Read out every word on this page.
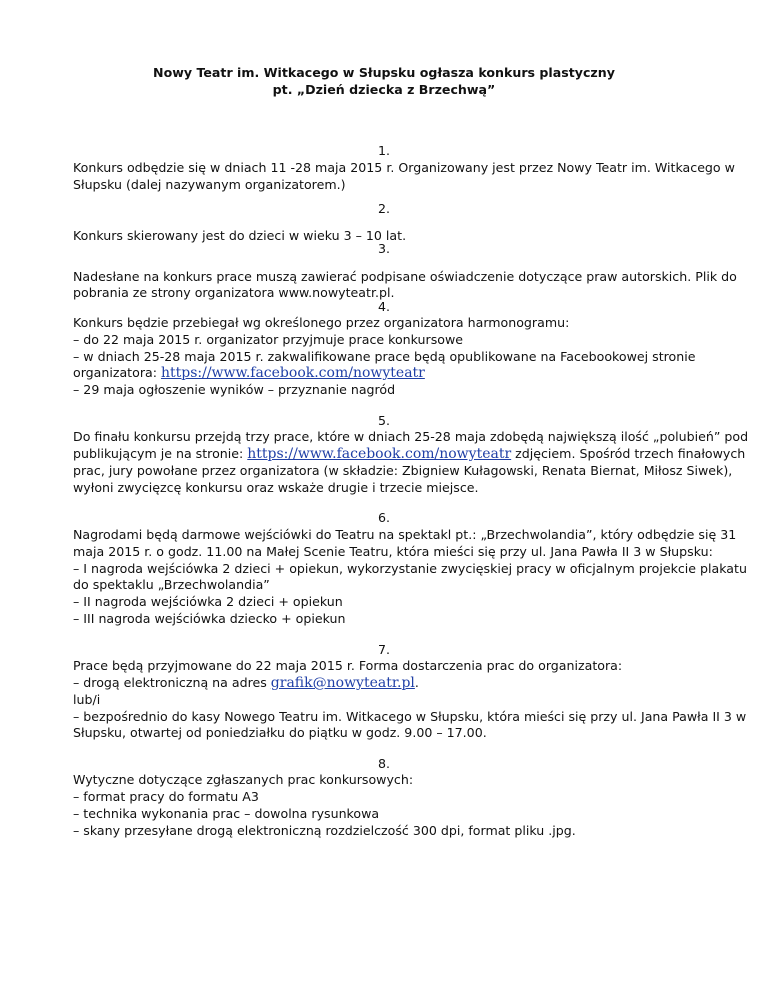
Nowy Teatr im. Witkacego w Słupsku ogłasza konkurs plastyczny
pt. „Dzień dziecka z Brzechwą”
1.
Konkurs odbędzie się w dniach 11 -28 maja 2015 r. Organizowany jest przez Nowy Teatr im. Witkacego w
Słupsku (dalej nazywanym organizatorem.)
2.
Konkurs skierowany jest do dzieci w wieku 3 – 10 lat.
3.
Nadesłane na konkurs prace muszą zawierać podpisane oświadczenie dotyczące praw autorskich. Plik do
pobrania ze strony organizatora www.nowyteatr.pl.
4.
Konkurs będzie przebiegał wg określonego przez organizatora harmonogramu:
– do 22 maja 2015 r. organizator przyjmuje prace konkursowe
– w dniach 25-28 maja 2015 r. zakwalifikowane prace będą opublikowane na Facebookowej stronie
organizatora: https://www.facebook.com/nowyteatr
– 29 maja ogłoszenie wyników – przyznanie nagród
5.
Do finału konkursu przejdą trzy prace, które w dniach 25-28 maja zdobędą największą ilość „polubień” pod
publikującym je na stronie: https://www.facebook.com/nowyteatr zdjęciem. Spośród trzech finałowych
prac, jury powołane przez organizatora (w składzie: Zbigniew Kułagowski, Renata Biernat, Miłosz Siwek),
wyłoni zwycięzcę konkursu oraz wskaże drugie i trzecie miejsce.
6.
Nagrodami będą darmowe wejściówki do Teatru na spektakl pt.: „Brzechwolandia”, który odbędzie się 31
maja 2015 r. o godz. 11.00 na Małej Scenie Teatru, która mieści się przy ul. Jana Pawła II 3 w Słupsku:
– I nagroda wejściówka 2 dzieci + opiekun, wykorzystanie zwycięskiej pracy w oficjalnym projekcie plakatu
do spektaklu „Brzechwolandia”
– II nagroda wejściówka 2 dzieci + opiekun
– III nagroda wejściówka dziecko + opiekun
7.
Prace będą przyjmowane do 22 maja 2015 r. Forma dostarczenia prac do organizatora:
– drogą elektroniczną na adres grafik@nowyteatr.pl.
lub/i
– bezpośrednio do kasy Nowego Teatru im. Witkacego w Słupsku, która mieści się przy ul. Jana Pawła II 3 w
Słupsku, otwartej od poniedziałku do piątku w godz. 9.00 – 17.00.
8.
Wytyczne dotyczące zgłaszanych prac konkursowych:
– format pracy do formatu A3
– technika wykonania prac – dowolna rysunkowa
– skany przesyłane drogą elektroniczną rozdzielczość 300 dpi, format pliku .jpg.
